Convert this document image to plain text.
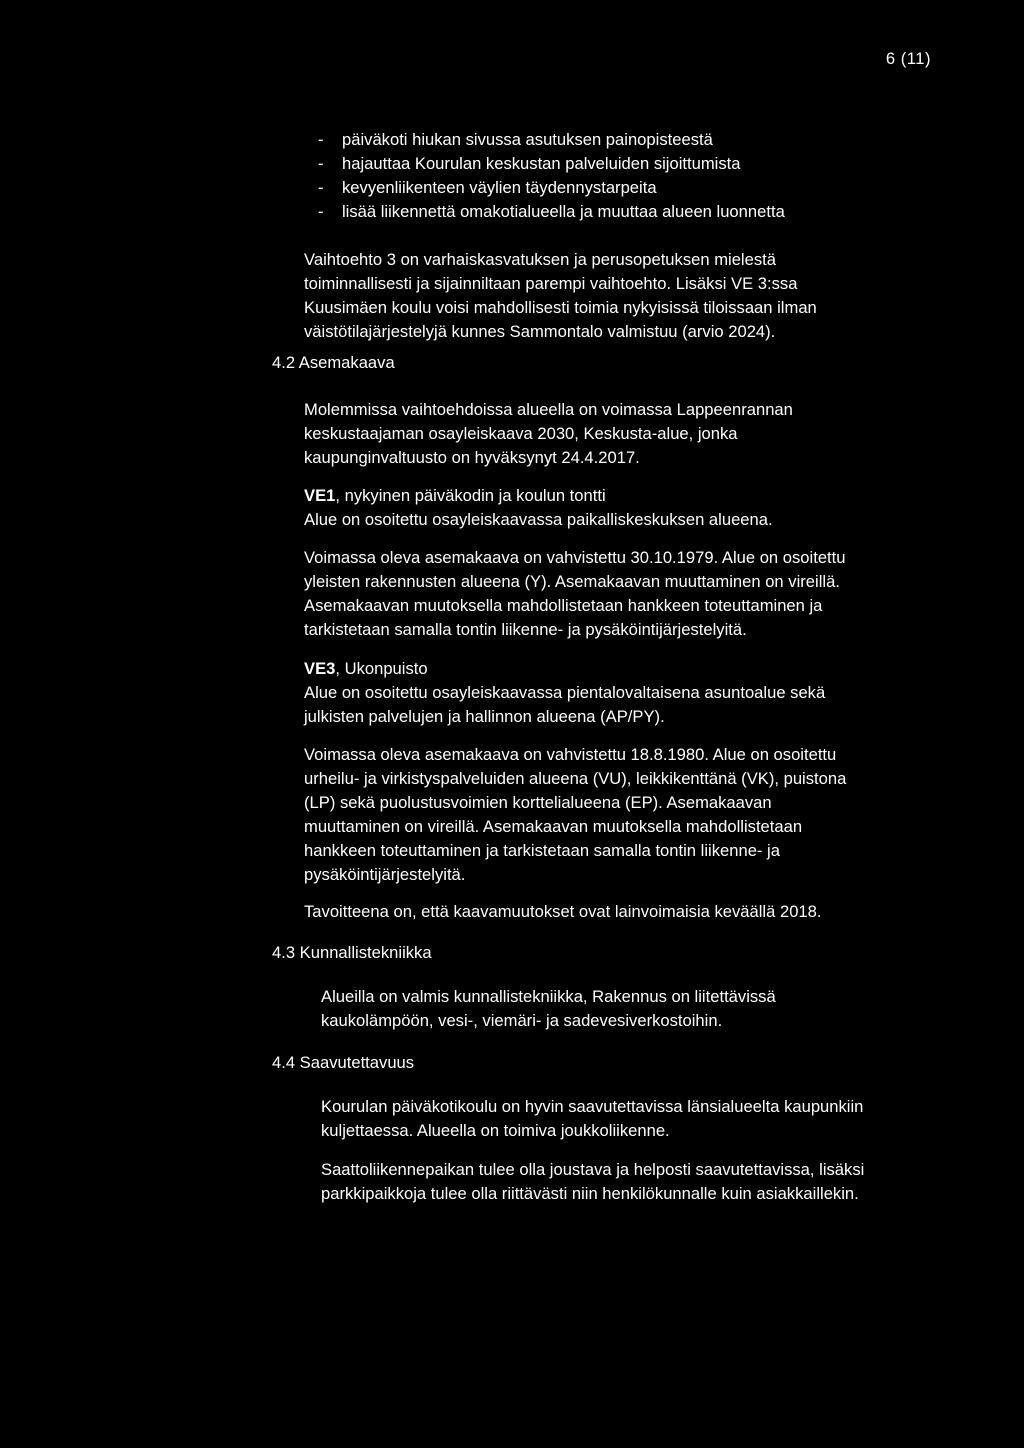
6 (11)
- päiväkoti hiukan sivussa asutuksen painopisteestä
- hajauttaa Kourulan keskustan palveluiden sijoittumista
- kevyenliikenteen väylien täydennystarpeita
- lisää liikennettä omakotialueella ja muuttaa alueen luonnetta

Vaihtoehto 3 on varhaiskasvatuksen ja perusopetuksen mielestä
toiminnallisesti ja sijainniltaan parempi vaihtoehto. Lisäksi VE 3:ssa
Kuusimäen koulu voisi mahdollisesti toimia nykyisissä tiloissaan ilman
väistötilajärjestelyjä kunnes Sammontalo valmistuu (arvio 2024).

4.2 Asemakaava

Molemmissa vaihtoehdoissa alueella on voimassa Lappeenrannan
keskustaajaman osayleiskaava 2030, Keskusta-alue, jonka
kaupunginvaltuusto on hyväksynyt 24.4.2017.

VE1, nykyinen päiväkodin ja koulun tontti
Alue on osoitettu osayleiskaavassa paikalliskeskuksen alueena.

Voimassa oleva asemakaava on vahvistettu 30.10.1979. Alue on osoitettu
yleisten rakennusten alueena (Y). Asemakaavan muuttaminen on vireillä.
Asemakaavan muutoksella mahdollistetaan hankkeen toteuttaminen ja
tarkistetaan samalla tontin liikenne- ja pysäköintijärjestelyitä.

VE3, Ukonpuisto
Alue on osoitettu osayleiskaavassa pientalovaltaisena asuntoalue sekä
julkisten palvelujen ja hallinnon alueena (AP/PY).

Voimassa oleva asemakaava on vahvistettu 18.8.1980. Alue on osoitettu
urheilu- ja virkistyspalveluiden alueena (VU), leikkikenttänä (VK), puistona
(LP) sekä puolustusvoimien korttelialueena (EP). Asemakaavan
muuttaminen on vireillä. Asemakaavan muutoksella mahdollistetaan
hankkeen toteuttaminen ja tarkistetaan samalla tontin liikenne- ja
pysäköintijärjestelyitä.

Tavoitteena on, että kaavamuutokset ovat lainvoimaisia keväällä 2018.

4.3 Kunnallistekniikka

Alueilla on valmis kunnallistekniikka, Rakennus on liitettävissä
kaukolämpöön, vesi-, viemäri- ja sadevesiverkostoihin.

4.4 Saavutettavuus

Kourulan päiväkotikoulu on hyvin saavutettavissa länsialueelta kaupunkiin
kuljettaessa. Alueella on toimiva joukkoliikenne.

Saattoliikennepaikan tulee olla joustava ja helposti saavutettavissa, lisäksi
parkkipaikkoja tulee olla riittävästi niin henkilökunnalle kuin asiakkaillekin.
